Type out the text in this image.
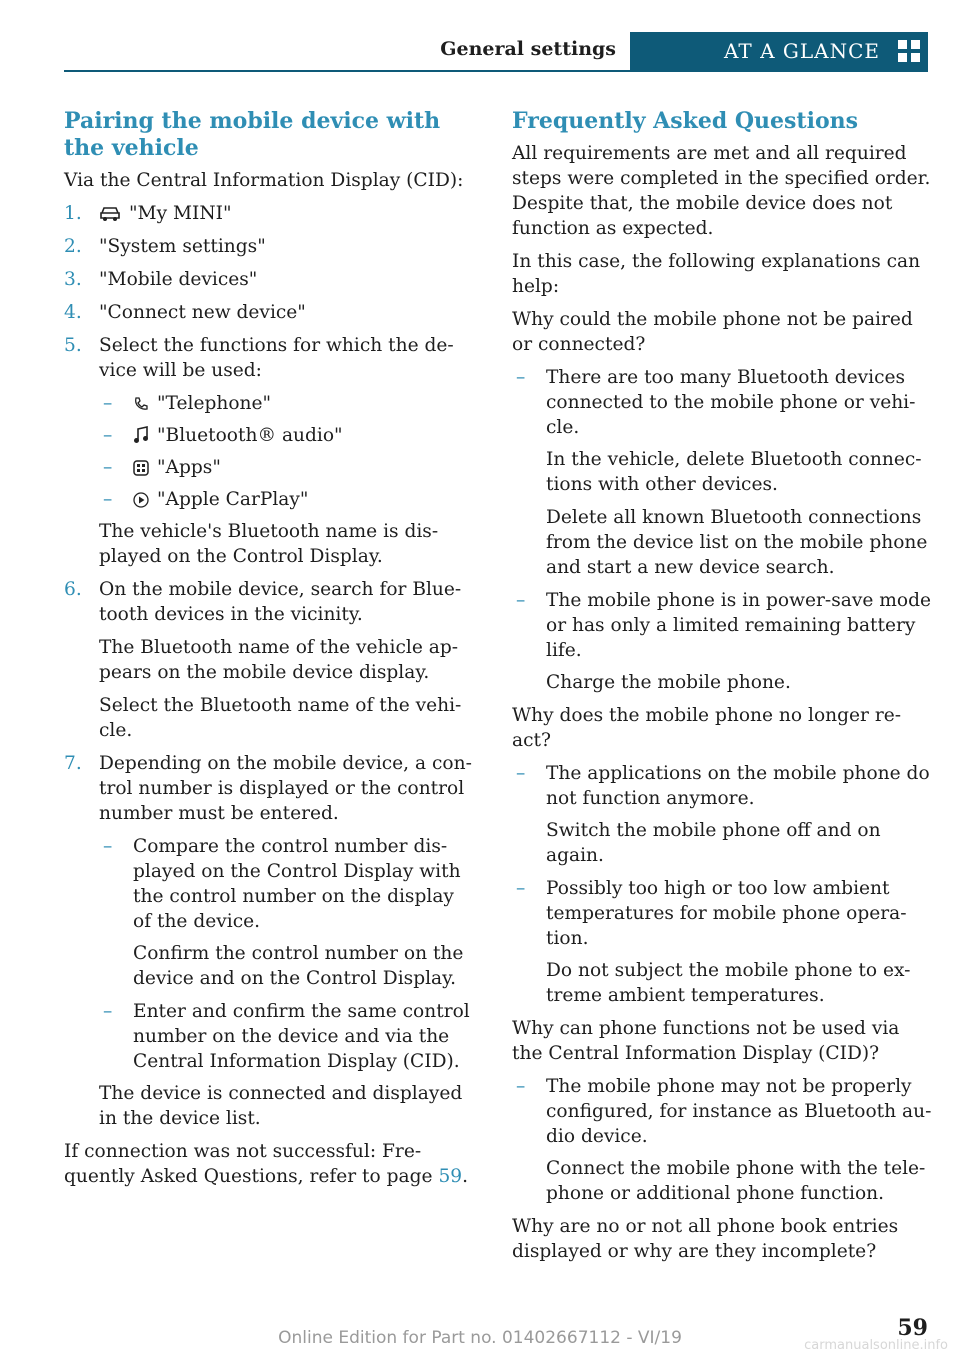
General settings	AT A GLANCE
Pairing the mobile device with the vehicle

Via the Central Information Display (CID):

1.	"My MINI"
2. "System settings"
3. "Mobile devices"
4. "Connect new device"
5. Select the functions for which the de- vice will be used:
– "Telephone"
– "Bluetooth® audio"
– "Apps"
– "Apple CarPlay"

The vehicle's Bluetooth name is dis- played on the Control Display.

6. On the mobile device, search for Blue- tooth devices in the vicinity.

The Bluetooth name of the vehicle ap- pears on the mobile device display.

Select the Bluetooth name of the vehi- cle.

7. Depending on the mobile device, a con- trol number is displayed or the control number must be entered.
– Compare the control number dis- played on the Control Display with the control number on the display of the device.

Confirm the control number on the device and on the Control Display.

– Enter and confirm the same control number on the device and via the Central Information Display (CID).

The device is connected and displayed in the device list.

If connection was not successful: Fre- quently Asked Questions, refer to page 59.

Frequently Asked Questions

All requirements are met and all required steps were completed in the specified order. Despite that, the mobile device does not function as expected.

In this case, the following explanations can help:

Why could the mobile phone not be paired or connected?

– There are too many Bluetooth devices connected to the mobile phone or vehi- cle.

In the vehicle, delete Bluetooth connec- tions with other devices.

Delete all known Bluetooth connections from the device list on the mobile phone and start a new device search.

– The mobile phone is in power-save mode or has only a limited remaining battery life.

Charge the mobile phone.

Why does the mobile phone no longer re- act?

– The applications on the mobile phone do not function anymore.

Switch the mobile phone off and on again.

– Possibly too high or too low ambient temperatures for mobile phone opera- tion.

Do not subject the mobile phone to ex- treme ambient temperatures.

Why can phone functions not be used via the Central Information Display (CID)?

– The mobile phone may not be properly configured, for instance as Bluetooth au- dio device.

Connect the mobile phone with the tele- phone or additional phone function.

Why are no or not all phone book entries displayed or why are they incomplete?

59
Online Edition for Part no. 01402667112 - VI/19	carmanualsonline.info
